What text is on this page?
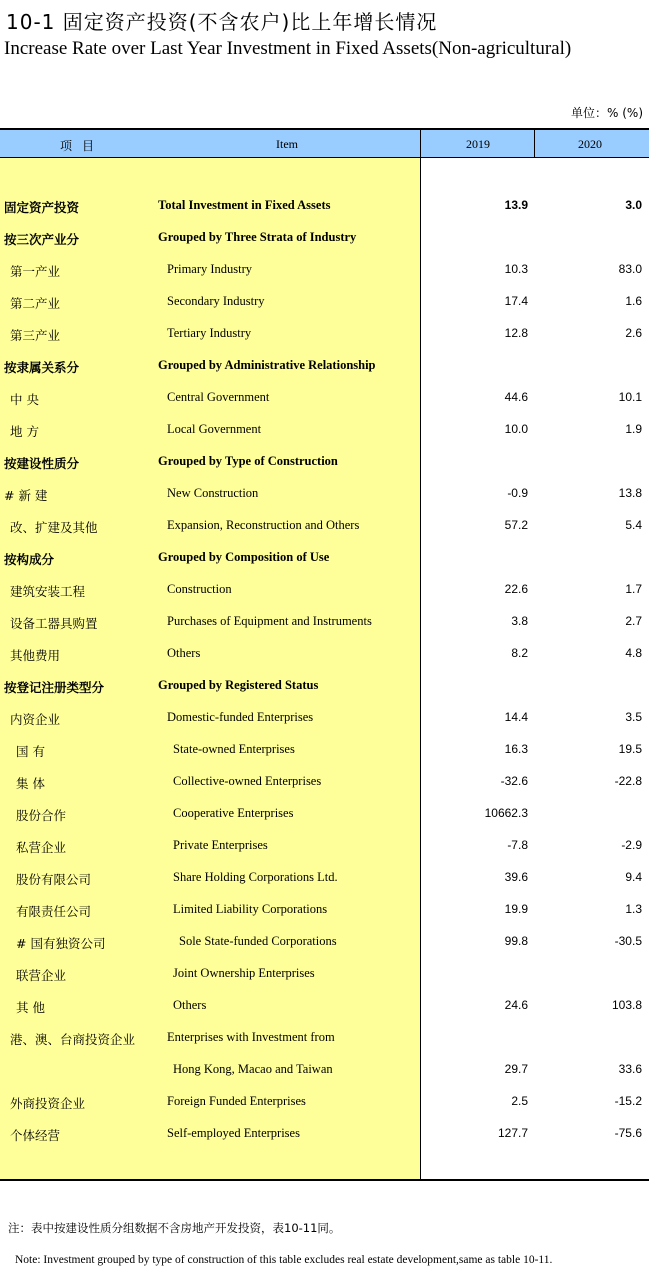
10-1 固定资产投资(不含农户)比上年增长情况
Increase Rate over Last Year Investment in Fixed Assets(Non-agricultural)
单位：% (%)
项目	Item	2019	2020
固定资产投资	Total Investment in Fixed Assets	13.9	3.0
按三次产业分	Grouped by Three Strata of Industry
第一产业	Primary Industry	10.3	83.0
第二产业	Secondary Industry	17.4	1.6
第三产业	Tertiary Industry	12.8	2.6
按隶属关系分	Grouped by Administrative Relationship
中 央	Central Government	44.6	10.1
地 方	Local Government	10.0	1.9
按建设性质分	Grouped by Type of Construction
# 新 建	New Construction	-0.9	13.8
改、扩建及其他	Expansion, Reconstruction and Others	57.2	5.4
按构成分	Grouped by Composition of Use
建筑安装工程	Construction	22.6	1.7
设备工器具购置	Purchases of Equipment and Instruments	3.8	2.7
其他费用	Others	8.2	4.8
按登记注册类型分	Grouped by Registered Status
内资企业	Domestic-funded Enterprises	14.4	3.5
国 有	State-owned Enterprises	16.3	19.5
集 体	Collective-owned Enterprises	-32.6	-22.8
股份合作	Cooperative Enterprises	10662.3
私营企业	Private Enterprises	-7.8	-2.9
股份有限公司	Share Holding Corporations Ltd.	39.6	9.4
有限责任公司	Limited Liability Corporations	19.9	1.3
# 国有独资公司	Sole State-funded Corporations	99.8	-30.5
联营企业	Joint Ownership Enterprises
其 他	Others	24.6	103.8
港、澳、台商投资企业	Enterprises with Investment from
Hong Kong, Macao and Taiwan	29.7	33.6
外商投资企业	Foreign Funded Enterprises	2.5	-15.2
个体经营	Self-employed Enterprises	127.7	-75.6
注：表中按建设性质分组数据不含房地产开发投资，表10-11同。
Note: Investment grouped by type of construction of this table excludes real estate development,same as table 10-11.
